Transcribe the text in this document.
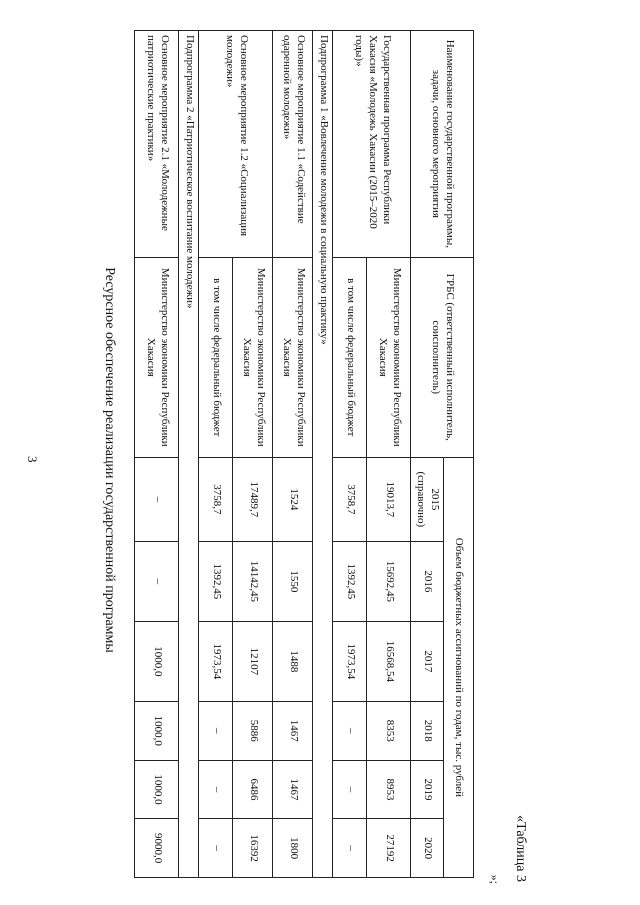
3
«Таблица 3
»;
Наименование государственной программы, задачи, основного мероприятия	ГРБС (ответственный исполнитель, соисполнитель)	Объем бюджетных ассигнований по годам, тыс. рублей					
		2015 (справочно)	2016	2017	2018	2019	2020
Государственная программа Республики Хакасия «Молодежь Хакасии (2015–2020 годы)»	Министерство экономики Республики Хакасия	19013,7	15692,45	16568,54	8353	8953	27192
	в том числе федеральный бюджет	3758,7	1392,45	1973,54	–	–	–
Подпрограмма 1 «Вовлечение молодежи в социальную практику»							
Основное мероприятие 1.1 «Содействие одаренной молодежи»	Министерство экономики Республики Хакасия	1524	1550	1488	1467	1467	1800
Основное мероприятие 1.2 «Социализация молодежи»	Министерство экономики Республики Хакасия	17489,7	14142,45	12107	5886	6486	16392
	в том числе федеральный бюджет	3758,7	1392,45	1973,54	–	–	–
Подпрограмма 2 «Патриотическое воспитание молодежи»							
Основное мероприятие 2.1 «Молодежные патриотические практики»	Министерство экономики Республики Хакасия	–	–	1000,0	1000,0	1000,0	9000,0
Ресурсное обеспечение реализации государственной программы
